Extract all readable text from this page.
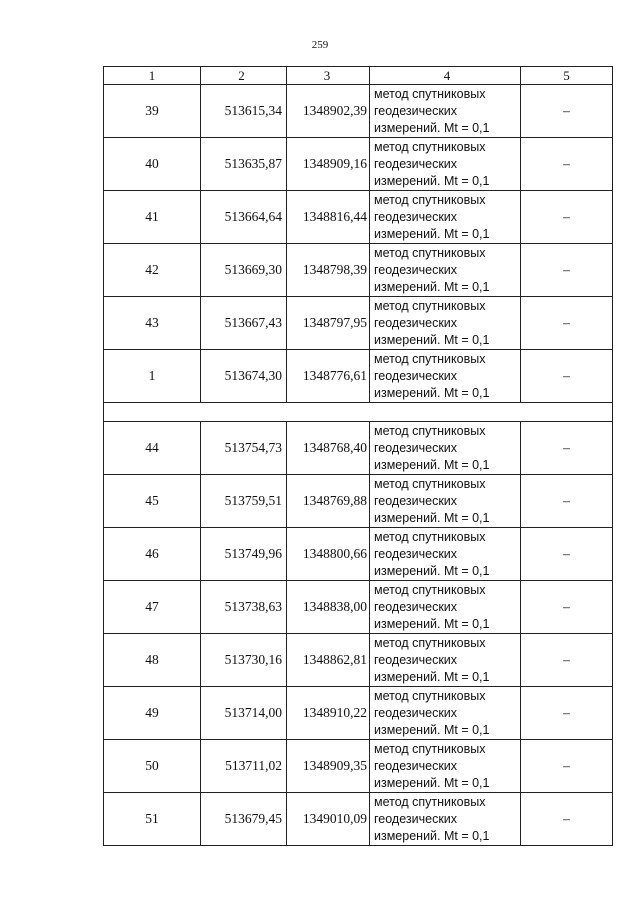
259
1	2	3	4	5
39	513615,34	1348902,39	метод спутниковых
геодезических
измерений. Mt = 0,1	–
40	513635,87	1348909,16	метод спутниковых
геодезических
измерений. Mt = 0,1	–
41	513664,64	1348816,44	метод спутниковых
геодезических
измерений. Mt = 0,1	–
42	513669,30	1348798,39	метод спутниковых
геодезических
измерений. Mt = 0,1	–
43	513667,43	1348797,95	метод спутниковых
геодезических
измерений. Mt = 0,1	–
1	513674,30	1348776,61	метод спутниковых
геодезических
измерений. Mt = 0,1	–

44	513754,73	1348768,40	метод спутниковых
геодезических
измерений. Mt = 0,1	–
45	513759,51	1348769,88	метод спутниковых
геодезических
измерений. Mt = 0,1	–
46	513749,96	1348800,66	метод спутниковых
геодезических
измерений. Mt = 0,1	–
47	513738,63	1348838,00	метод спутниковых
геодезических
измерений. Mt = 0,1	–
48	513730,16	1348862,81	метод спутниковых
геодезических
измерений. Mt = 0,1	–
49	513714,00	1348910,22	метод спутниковых
геодезических
измерений. Mt = 0,1	–
50	513711,02	1348909,35	метод спутниковых
геодезических
измерений. Mt = 0,1	–
51	513679,45	1349010,09	метод спутниковых
геодезических
измерений. Mt = 0,1	–
